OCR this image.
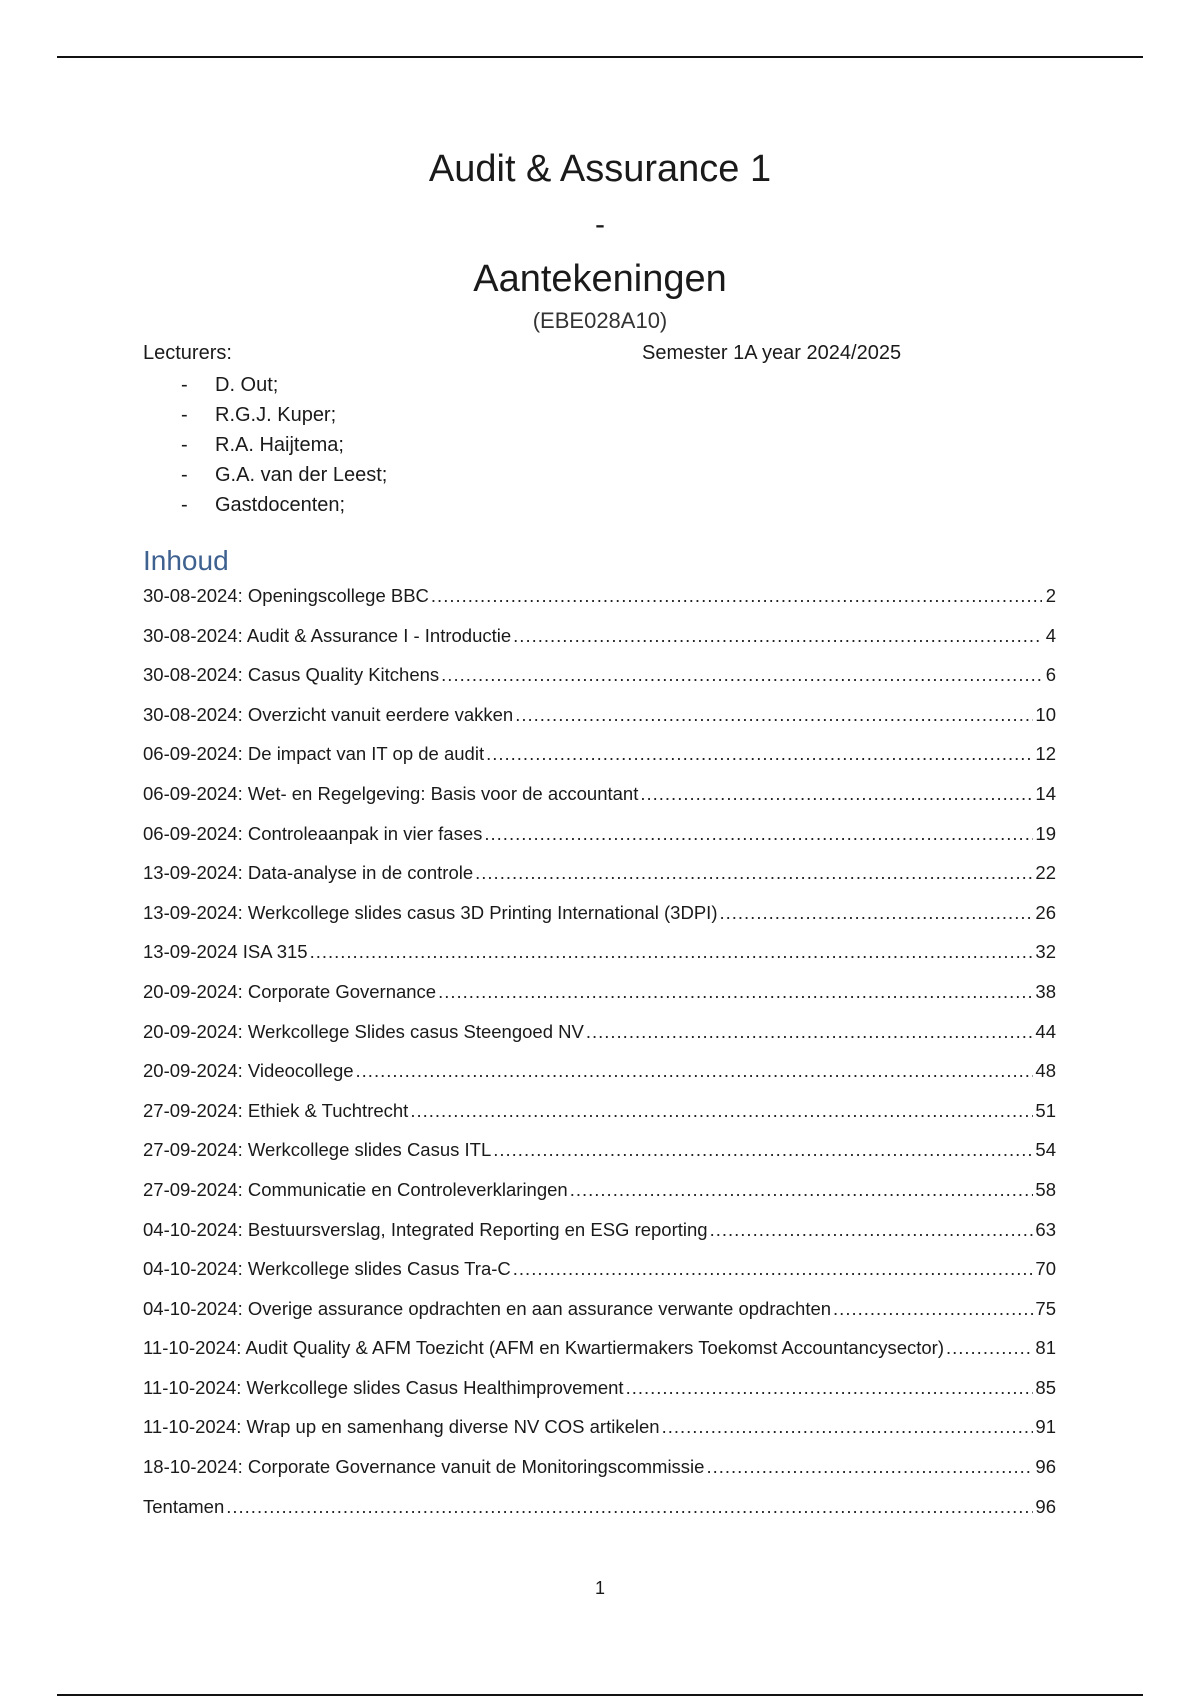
Audit & Assurance 1
-
Aantekeningen
(EBE028A10)
Lecturers:	Semester 1A year 2024/2025
- D. Out;
- R.G.J. Kuper;
- R.A. Haijtema;
- G.A. van der Leest;
- Gastdocenten;
Inhoud
30-08-2024: Openingscollege BBC .....	2
30-08-2024: Audit & Assurance I - Introductie .....	4
30-08-2024: Casus Quality Kitchens .....	6
30-08-2024: Overzicht vanuit eerdere vakken .....	10
06-09-2024: De impact van IT op de audit .....	12
06-09-2024: Wet- en Regelgeving: Basis voor de accountant .....	14
06-09-2024: Controleaanpak in vier fases .....	19
13-09-2024: Data-analyse in de controle .....	22
13-09-2024: Werkcollege slides casus 3D Printing International (3DPI) .....	26
13-09-2024 ISA 315 .....	32
20-09-2024: Corporate Governance .....	38
20-09-2024: Werkcollege Slides casus Steengoed NV .....	44
20-09-2024: Videocollege .....	48
27-09-2024: Ethiek & Tuchtrecht .....	51
27-09-2024: Werkcollege slides Casus ITL .....	54
27-09-2024: Communicatie en Controleverklaringen .....	58
04-10-2024: Bestuursverslag, Integrated Reporting en ESG reporting .....	63
04-10-2024: Werkcollege slides Casus Tra-C .....	70
04-10-2024: Overige assurance opdrachten en aan assurance verwante opdrachten .....	75
11-10-2024: Audit Quality & AFM Toezicht (AFM en Kwartiermakers Toekomst Accountancysector) .....	81
11-10-2024: Werkcollege slides Casus Healthimprovement .....	85
11-10-2024: Wrap up en samenhang diverse NV COS artikelen .....	91
18-10-2024: Corporate Governance vanuit de Monitoringscommissie .....	96
Tentamen .....	96
1
